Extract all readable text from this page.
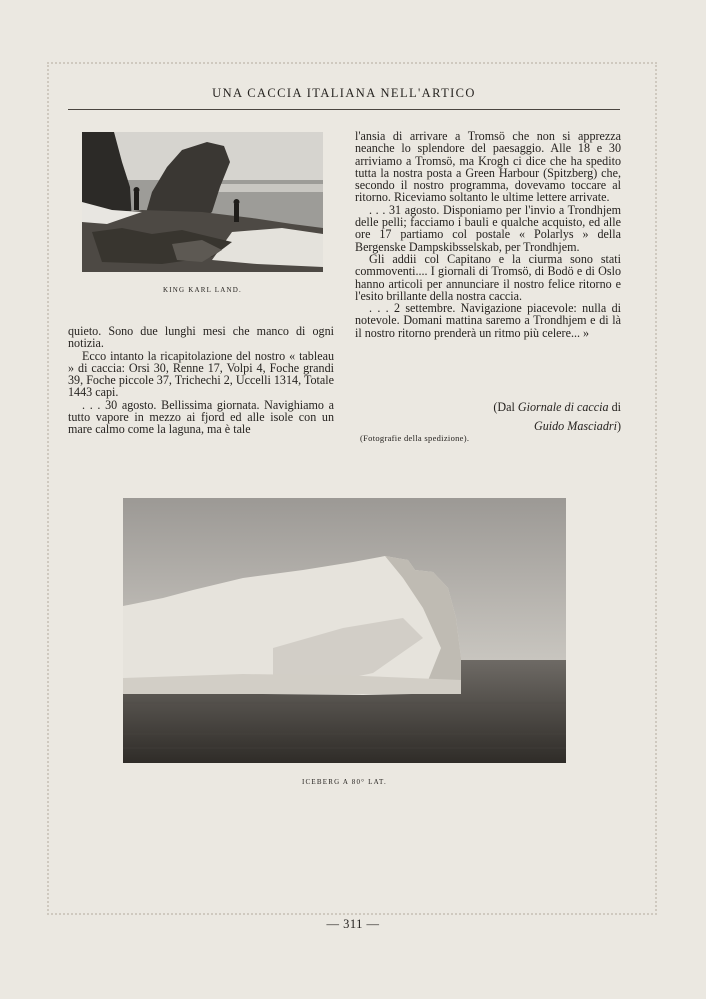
UNA CACCIA ITALIANA NELL'ARTICO
KING KARL LAND.

quieto. Sono due lunghi mesi che manco di ogni notizia.

Ecco intanto la ricapitolazione del nostro « tableau » di caccia: Orsi 30, Renne 17, Volpi 4, Foche grandi 39, Foche piccole 37, Trichechi 2, Uccelli 1314, Totale 1443 capi.

. . . 30 agosto. Bellissima giornata. Navighiamo a tutto vapore in mezzo ai fjord ed alle isole con un mare calmo come la laguna, ma è tale

l'ansia di arrivare a Tromsö che non si apprezza neanche lo splendore del paesaggio. Alle 18 e 30 arriviamo a Tromsö, ma Krogh ci dice che ha spedito tutta la nostra posta a Green Harbour (Spitzberg) che, secondo il nostro programma, dovevamo toccare al ritorno. Riceviamo soltanto le ultime lettere arrivate.

. . . 31 agosto. Disponiamo per l'invio a Trondhjem delle pelli; facciamo i bauli e qualche acquisto, ed alle ore 17 partiamo col postale « Polarlys » della Bergenske Dampskibsselskab, per Trondhjem.

Gli addii col Capitano e la ciurma sono stati commoventi.... I giornali di Tromsö, di Bodö e di Oslo hanno articoli per annunciare il nostro felice ritorno e l'esito brillante della nostra caccia.

. . . 2 settembre. Navigazione piacevole: nulla di notevole. Domani mattina saremo a Trondhjem e di là il nostro ritorno prenderà un ritmo più celere... »

(Dal Giornale di caccia di
Guido Masciadri)
(Fotografie della spedizione).
ICEBERG A 80° LAT.
— 311 —
